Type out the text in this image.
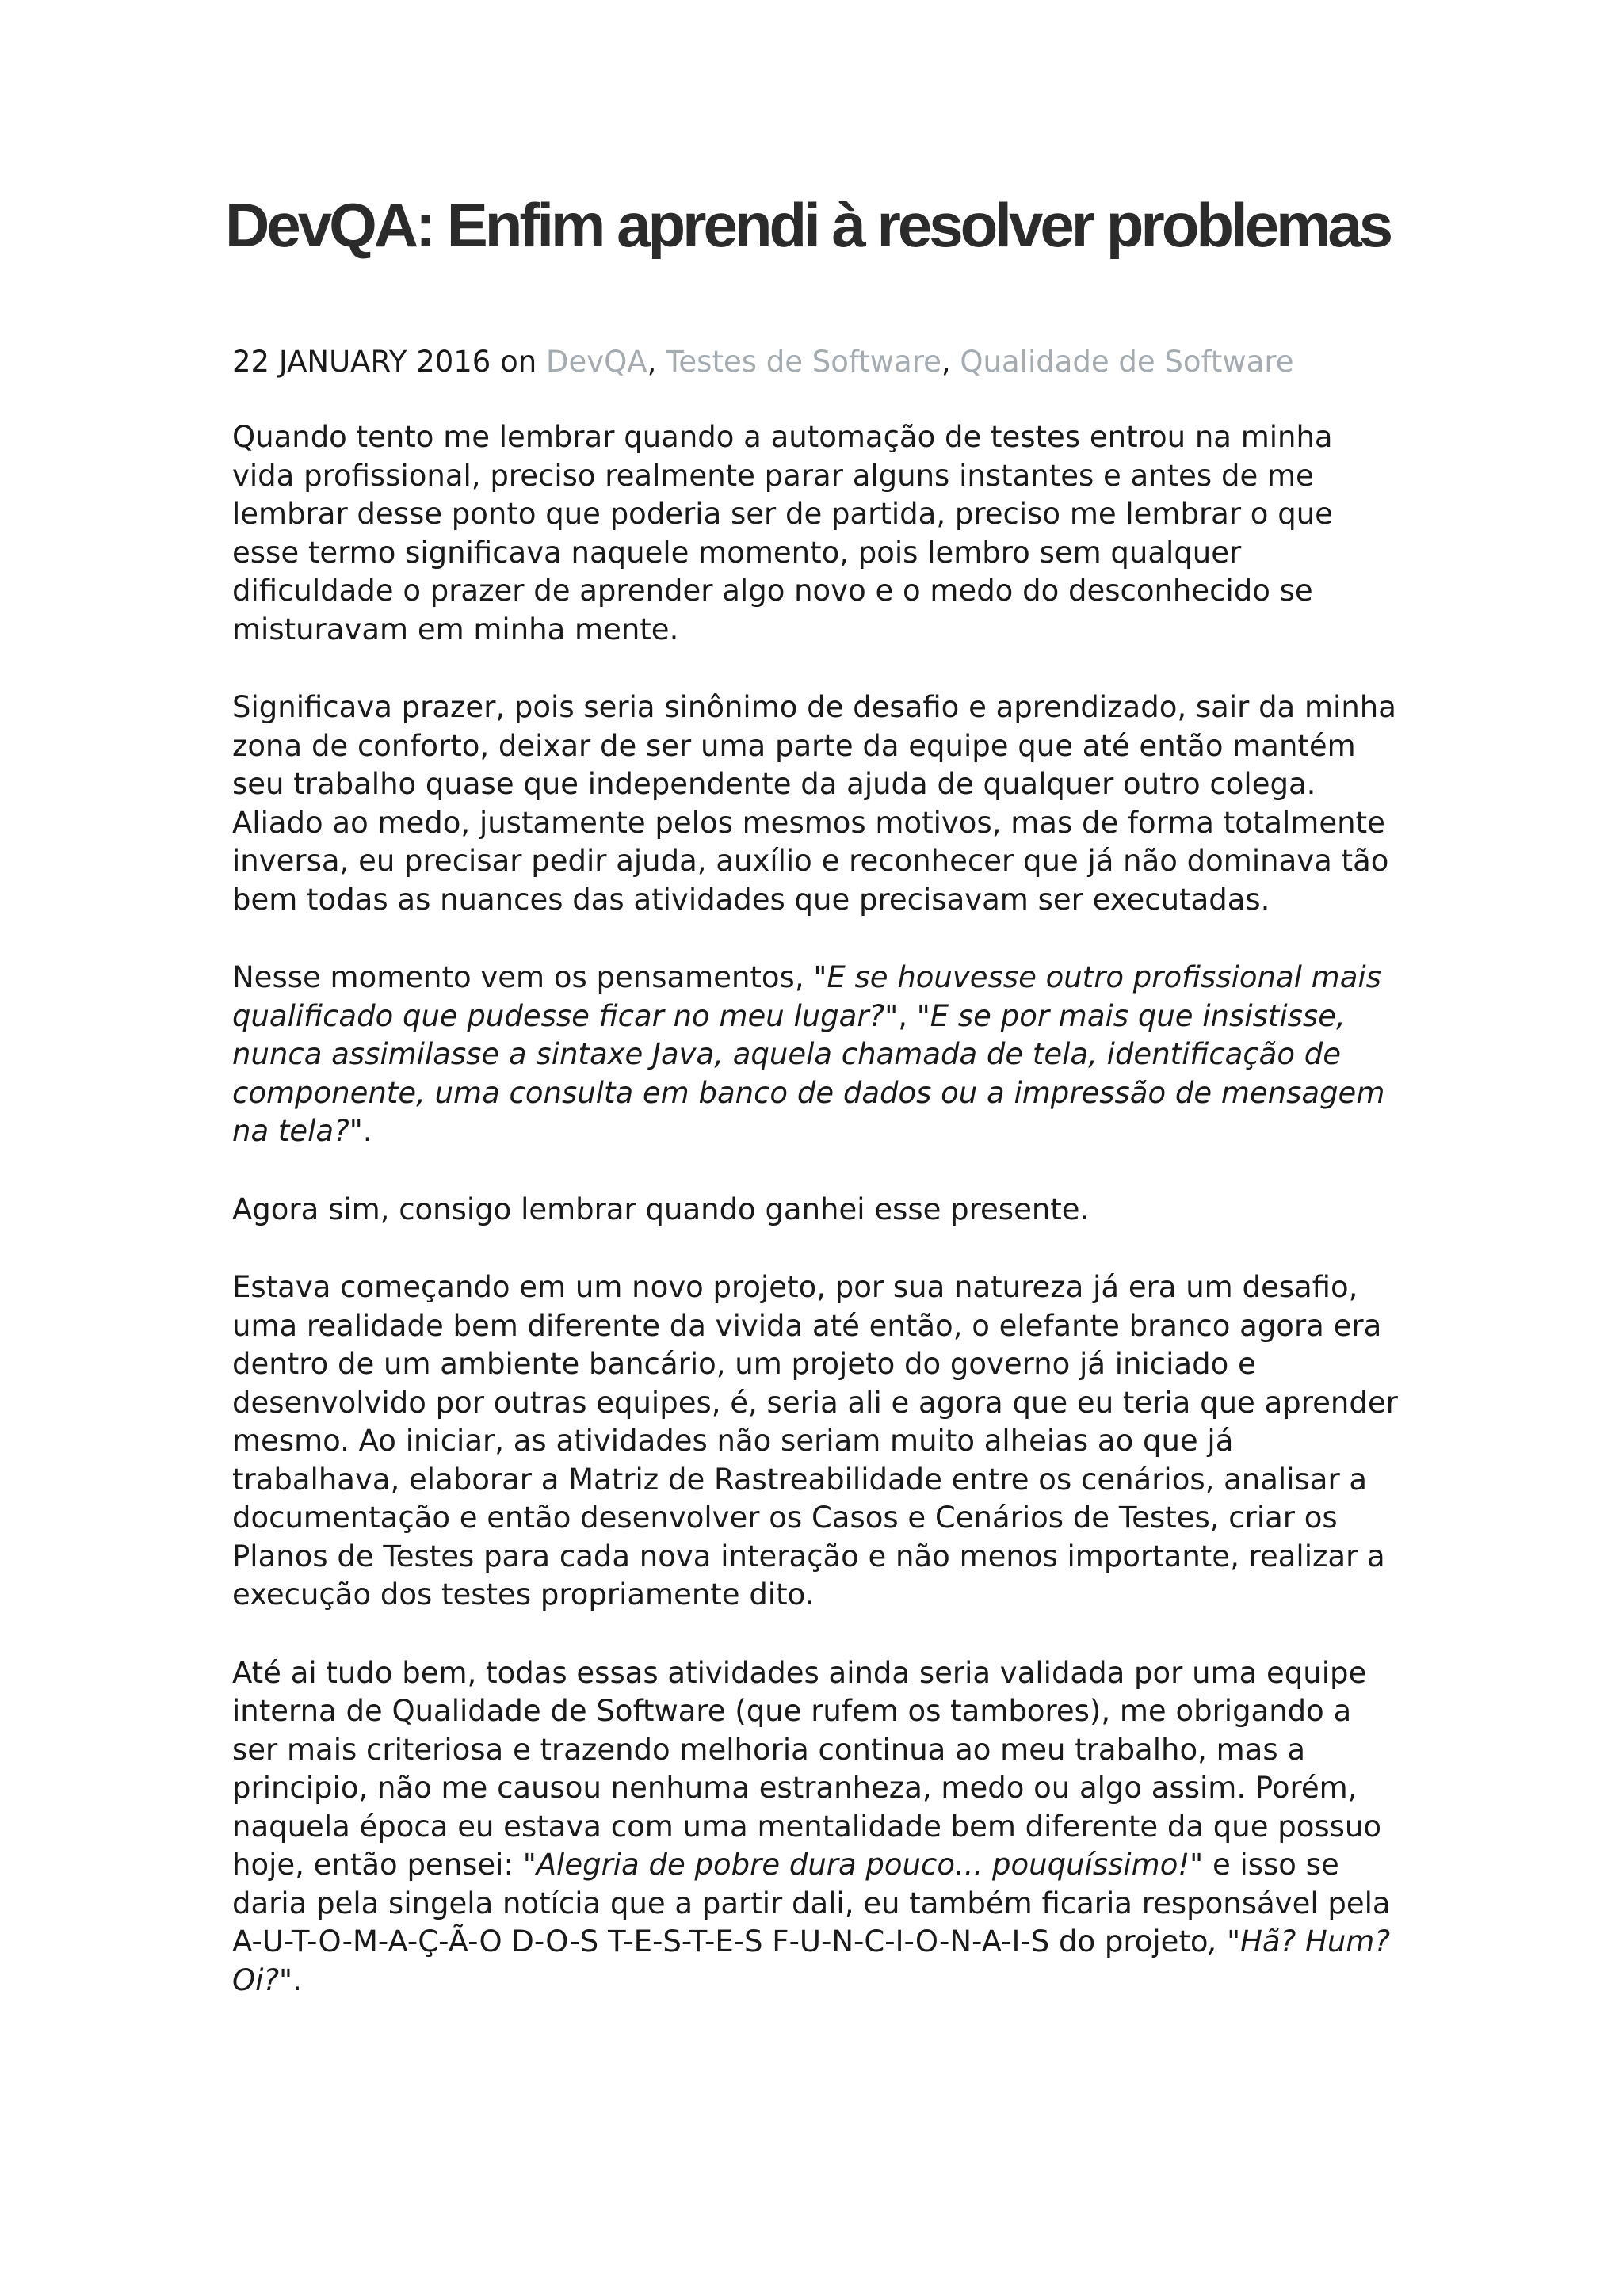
DevQA: Enfim aprendi à resolver problemas
22 JANUARY 2016 on DevQA, Testes de Software, Qualidade de Software

Quando tento me lembrar quando a automação de testes entrou na minha vida profissional, preciso realmente parar alguns instantes e antes de me lembrar desse ponto que poderia ser de partida, preciso me lembrar o que esse termo significava naquele momento, pois lembro sem qualquer dificuldade o prazer de aprender algo novo e o medo do desconhecido se misturavam em minha mente.

Significava prazer, pois seria sinônimo de desafio e aprendizado, sair da minha zona de conforto, deixar de ser uma parte da equipe que até então mantém seu trabalho quase que independente da ajuda de qualquer outro colega. Aliado ao medo, justamente pelos mesmos motivos, mas de forma totalmente inversa, eu precisar pedir ajuda, auxílio e reconhecer que já não dominava tão bem todas as nuances das atividades que precisavam ser executadas.

Nesse momento vem os pensamentos, "E se houvesse outro profissional mais qualificado que pudesse ficar no meu lugar?", "E se por mais que insistisse, nunca assimilasse a sintaxe Java, aquela chamada de tela, identificação de componente, uma consulta em banco de dados ou a impressão de mensagem na tela?".

Agora sim, consigo lembrar quando ganhei esse presente.

Estava começando em um novo projeto, por sua natureza já era um desafio, uma realidade bem diferente da vivida até então, o elefante branco agora era dentro de um ambiente bancário, um projeto do governo já iniciado e desenvolvido por outras equipes, é, seria ali e agora que eu teria que aprender mesmo. Ao iniciar, as atividades não seriam muito alheias ao que já trabalhava, elaborar a Matriz de Rastreabilidade entre os cenários, analisar a documentação e então desenvolver os Casos e Cenários de Testes, criar os Planos de Testes para cada nova interação e não menos importante, realizar a execução dos testes propriamente dito.

Até ai tudo bem, todas essas atividades ainda seria validada por uma equipe interna de Qualidade de Software (que rufem os tambores), me obrigando a ser mais criteriosa e trazendo melhoria continua ao meu trabalho, mas a principio, não me causou nenhuma estranheza, medo ou algo assim. Porém, naquela época eu estava com uma mentalidade bem diferente da que possuo hoje, então pensei: "Alegria de pobre dura pouco... pouquíssimo!" e isso se daria pela singela notícia que a partir dali, eu também ficaria responsável pela A-U-T-O-M-A-Ç-Ã-O D-O-S T-E-S-T-E-S F-U-N-C-I-O-N-A-I-S do projeto, "Hã? Hum? Oi?".
